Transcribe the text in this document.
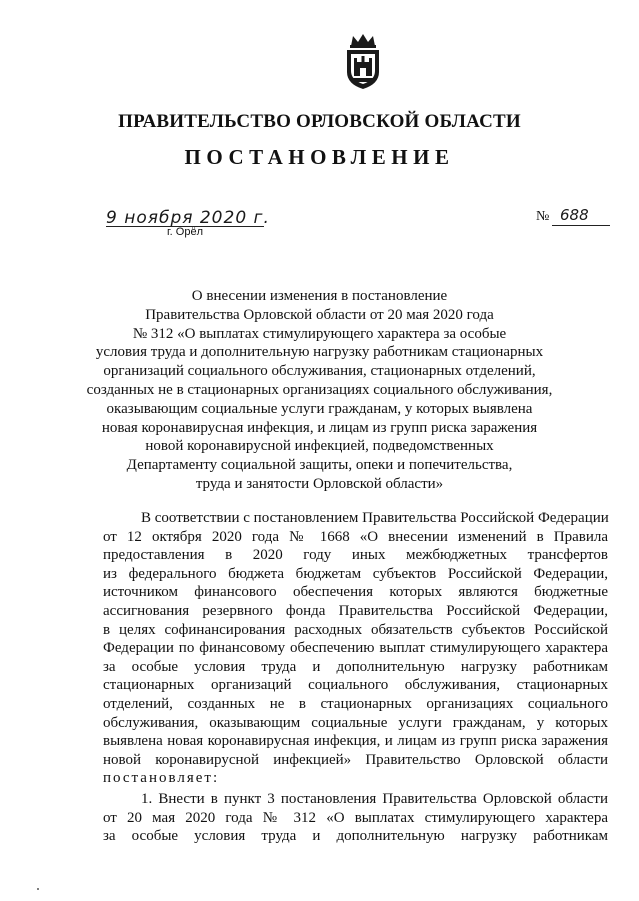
ПРАВИТЕЛЬСТВО ОРЛОВСКОЙ ОБЛАСТИ
ПОСТАНОВЛЕНИЕ
9 ноября 2020 г.
г. Орёл
№ 688
О внесении изменения в постановление
Правительства Орловской области от 20 мая 2020 года
№ 312 «О выплатах стимулирующего характера за особые
условия труда и дополнительную нагрузку работникам стационарных
организаций социального обслуживания, стационарных отделений,
созданных не в стационарных организациях социального обслуживания,
оказывающим социальные услуги гражданам, у которых выявлена
новая коронавирусная инфекция, и лицам из групп риска заражения
новой коронавирусной инфекцией, подведомственных
Департаменту социальной защиты, опеки и попечительства,
труда и занятости Орловской области»
В соответствии с постановлением Правительства Российской Федерации
от 12 октября 2020 года № 1668 «О внесении изменений в Правила
предоставления в 2020 году иных межбюджетных трансфертов
из федерального бюджета бюджетам субъектов Российской Федерации,
источником финансового обеспечения которых являются бюджетные
ассигнования резервного фонда Правительства Российской Федерации,
в целях софинансирования расходных обязательств субъектов Российской
Федерации по финансовому обеспечению выплат стимулирующего характера
за особые условия труда и дополнительную нагрузку работникам
стационарных организаций социального обслуживания, стационарных
отделений, созданных не в стационарных организациях социального
обслуживания, оказывающим социальные услуги гражданам, у которых
выявлена новая коронавирусная инфекция, и лицам из групп риска заражения
новой коронавирусной инфекцией» Правительство Орловской области
постановляет:
1. Внести в пункт 3 постановления Правительства Орловской области
от 20 мая 2020 года № 312 «О выплатах стимулирующего характера
за особые условия труда и дополнительную нагрузку работникам
